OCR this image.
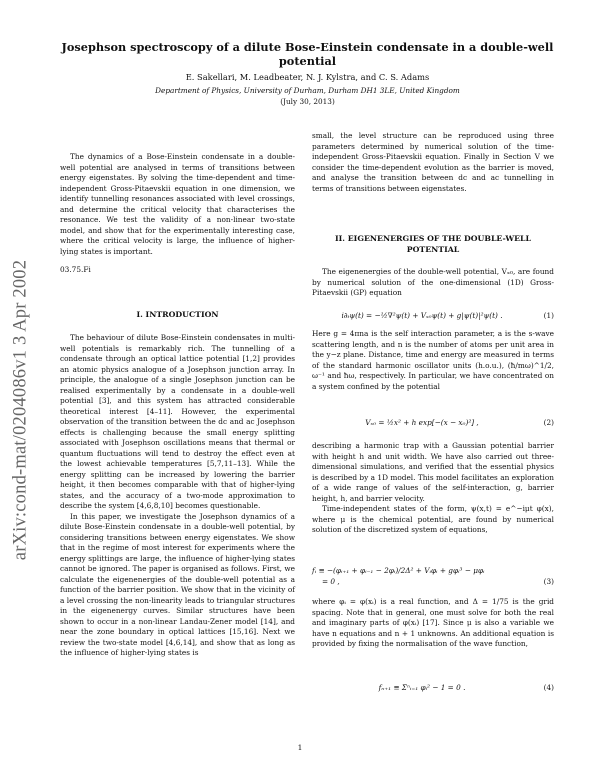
arXiv:cond-mat/0204086v1 3 Apr 2002
Josephson spectroscopy of a dilute Bose-Einstein condensate in a double-well potential
E. Sakellari, M. Leadbeater, N. J. Kylstra, and C. S. Adams
Department of Physics, University of Durham, Durham DH1 3LE, United Kingdom
(July 30, 2013)

The dynamics of a Bose-Einstein condensate in a double-well potential are analysed in terms of transitions between energy eigenstates. By solving the time-dependent and time-independent Gross-Pitaevskii equation in one dimension, we identify tunnelling resonances associated with level crossings, and determine the critical velocity that characterises the resonance. We test the validity of a non-linear two-state model, and show that for the experimentally interesting case, where the critical velocity is large, the influence of higher-lying states is important.

03.75.Fi

I. INTRODUCTION

The behaviour of dilute Bose-Einstein condensates in multi-well potentials is remarkably rich. The tunnelling of a condensate through an optical lattice potential [1,2] provides an atomic physics analogue of a Josephson junction array. In principle, the analogue of a single Josephson junction can be realised experimentally by a condensate in a double-well potential [3], and this system has attracted considerable theoretical interest [4–11]. However, the experimental observation of the transition between the dc and ac Josephson effects is challenging because the small energy splitting associated with Josephson oscillations means that thermal or quantum fluctuations will tend to destroy the effect even at the lowest achievable temperatures [5,7,11–13]. While the energy splitting can be increased by lowering the barrier height, it then becomes comparable with that of higher-lying states, and the accuracy of a two-mode approximation to describe the system [4,6,8,10] becomes questionable.

In this paper, we investigate the Josephson dynamics of a dilute Bose-Einstein condensate in a double-well potential, by considering transitions between energy eigenstates. We show that in the regime of most interest for experiments where the energy splittings are large, the influence of higher-lying states cannot be ignored. The paper is organised as follows. First, we calculate the eigenenergies of the double-well potential as a function of the barrier position. We show that in the vicinity of a level crossing the non-linearity leads to triangular structures in the eigenenergy curves. Similar structures have been shown to occur in a non-linear Landau-Zener model [14], and near the zone boundary in optical lattices [15,16]. Next we review the two-state model [4,6,14], and show that as long as the influence of higher-lying states is

small, the level structure can be reproduced using three parameters determined by numerical solution of the time-independent Gross-Pitaevskii equation. Finally in Section V we consider the time-dependent evolution as the barrier is moved, and analyse the transition between dc and ac tunnelling in terms of transitions between eigenstates.

II. EIGENENERGIES OF THE DOUBLE-WELL
POTENTIAL

The eigenenergies of the double-well potential, Vₓ₀, are found by numerical solution of the one-dimensional (1D) Gross-Pitaevskii (GP) equation

i∂ₜψ(t) = −½∇²ψ(t) + Vₓ₀ψ(t) + g|ψ(t)|²ψ(t) .	(1)

Here g = 4πna is the self interaction parameter, a is the s-wave scattering length, and n is the number of atoms per unit area in the y−z plane. Distance, time and energy are measured in terms of the standard harmonic oscillator units (h.o.u.), (ħ/mω)^1/2, ω⁻¹ and ħω, respectively. In particular, we have concentrated on a system confined by the potential

Vₓ₀ = ½x² + h exp[−(x − x₀)²] ,	(2)

describing a harmonic trap with a Gaussian potential barrier with height h and unit width. We have also carried out three-dimensional simulations, and verified that the essential physics is described by a 1D model. This model facilitates an exploration of a wide range of values of the self-interaction, g, barrier height, h, and barrier velocity.

Time-independent states of the form, ψ(x,t) = e^−iμt φ(x), where μ is the chemical potential, are found by numerical solution of the discretized system of equations,

fᵢ ≡ −(φᵢ₊₁ + φᵢ₋₁ − 2φᵢ)/2Δ² + Vᵢφᵢ + gφᵢ³ − μφᵢ
= 0 ,	(3)

where φᵢ = φ(xᵢ) is a real function, and Δ = 1/75 is the grid spacing. Note that in general, one must solve for both the real and imaginary parts of φ(xᵢ) [17]. Since μ is also a variable we have n equations and n + 1 unknowns. An additional equation is provided by fixing the normalisation of the wave function,

fₙ₊₁ ≡ Σⁿᵢ₌₁ φᵢ² − 1 = 0 .	(4)
1
